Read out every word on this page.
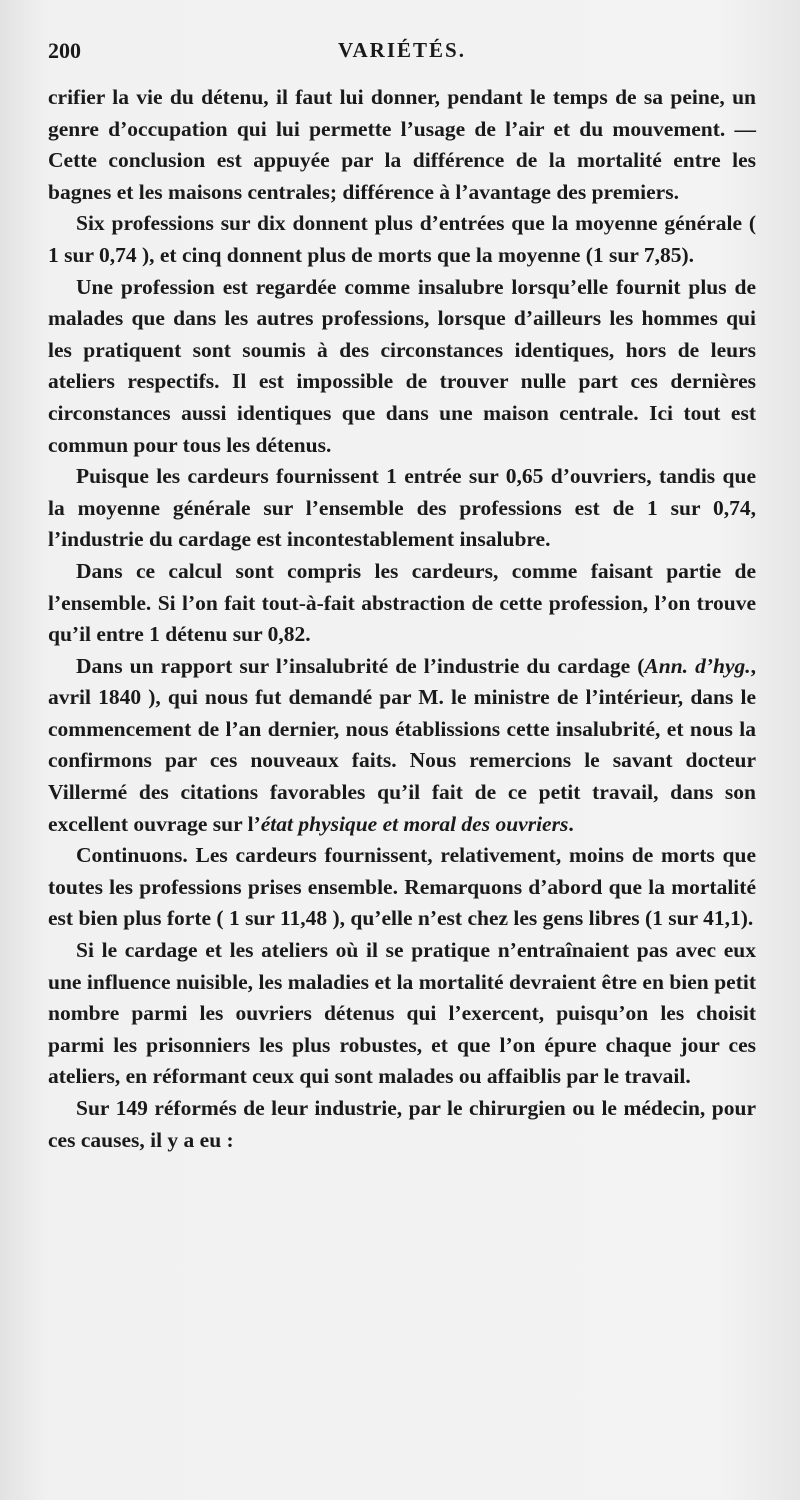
200	VARIÉTÉS.

crifier la vie du détenu, il faut lui donner, pendant le temps de sa peine, un genre d’occupation qui lui permette l’usage de l’air et du mouvement. — Cette conclusion est appuyée par la différence de la mortalité entre les bagnes et les maisons centrales; différence à l’avantage des premiers.

Six professions sur dix donnent plus d’entrées que la moyenne générale ( 1 sur 0,74 ), et cinq donnent plus de morts que la moyenne (1 sur 7,85).

Une profession est regardée comme insalubre lorsqu’elle fournit plus de malades que dans les autres professions, lorsque d’ailleurs les hommes qui les pratiquent sont soumis à des circonstances identiques, hors de leurs ateliers respectifs. Il est impossible de trouver nulle part ces dernières circonstances aussi identiques que dans une maison centrale. Ici tout est commun pour tous les détenus.

Puisque les cardeurs fournissent 1 entrée sur 0,65 d’ouvriers, tandis que la moyenne générale sur l’ensemble des professions est de 1 sur 0,74, l’industrie du cardage est incontestablement insalubre.

Dans ce calcul sont compris les cardeurs, comme faisant partie de l’ensemble. Si l’on fait tout-à-fait abstraction de cette profession, l’on trouve qu’il entre 1 détenu sur 0,82.

Dans un rapport sur l’insalubrité de l’industrie du cardage (Ann. d’hyg., avril 1840 ), qui nous fut demandé par M. le ministre de l’intérieur, dans le commencement de l’an dernier, nous établissions cette insalubrité, et nous la confirmons par ces nouveaux faits. Nous remercions le savant docteur Villermé des citations favorables qu’il fait de ce petit travail, dans son excellent ouvrage sur l’état physique et moral des ouvriers.

Continuons. Les cardeurs fournissent, relativement, moins de morts que toutes les professions prises ensemble. Remarquons d’abord que la mortalité est bien plus forte ( 1 sur 11,48 ), qu’elle n’est chez les gens libres (1 sur 41,1).

Si le cardage et les ateliers où il se pratique n’entraînaient pas avec eux une influence nuisible, les maladies et la mortalité devraient être en bien petit nombre parmi les ouvriers détenus qui l’exercent, puisqu’on les choisit parmi les prisonniers les plus robustes, et que l’on épure chaque jour ces ateliers, en réformant ceux qui sont malades ou affaiblis par le travail.

Sur 149 réformés de leur industrie, par le chirurgien ou le médecin, pour ces causes, il y a eu :
